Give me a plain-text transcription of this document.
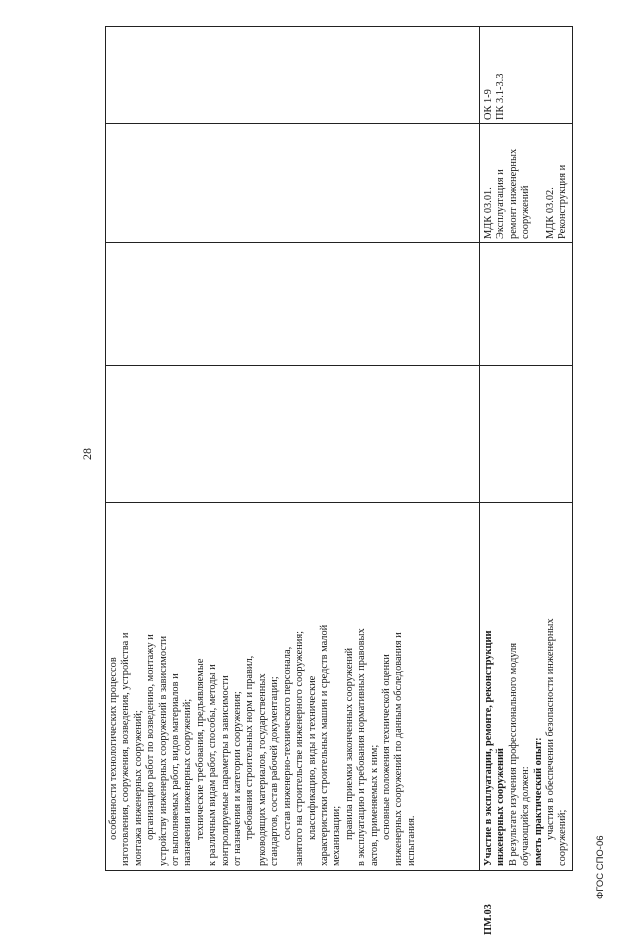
28
особенности технологических процессов изготовления, сооружения, возведения, устройства и монтажа инженерных сооружений; организацию работ по возведению, монтажу и устройству инженерных сооружений в зависимости от выполняемых работ, видов материалов и назначения инженерных сооружений; технические требования, предъявляемые к различным видам работ, способы, методы и контролируемые параметры в зависимости от назначения и категории сооружения; требования строительных норм и правил, руководящих материалов, государственных стандартов, состав рабочей документации; состав инженерно-технического персонала, занятого на строительстве инженерного сооружения; классификацию, виды и технические характеристики строительных машин и средств малой механизации; правила приемки законченных сооружений в эксплуатацию и требования нормативных правовых актов, применяемых к ним; основные положения технической оценки инженерных сооружений по данным обследования и испытания.
ПМ.03
Участие в эксплуатации, ремонте, реконструкции инженерных сооружений В результате изучения профессионального модуля обучающийся должен: иметь практический опыт: участия в обеспечении безопасности инженерных сооружений;
МДК 03.01. Эксплуатация и ремонт инженерных сооружений
МДК 03.02. Реконструкция и
ОК 1-9 ПК 3.1-3.3
ФГОС СПО-06
